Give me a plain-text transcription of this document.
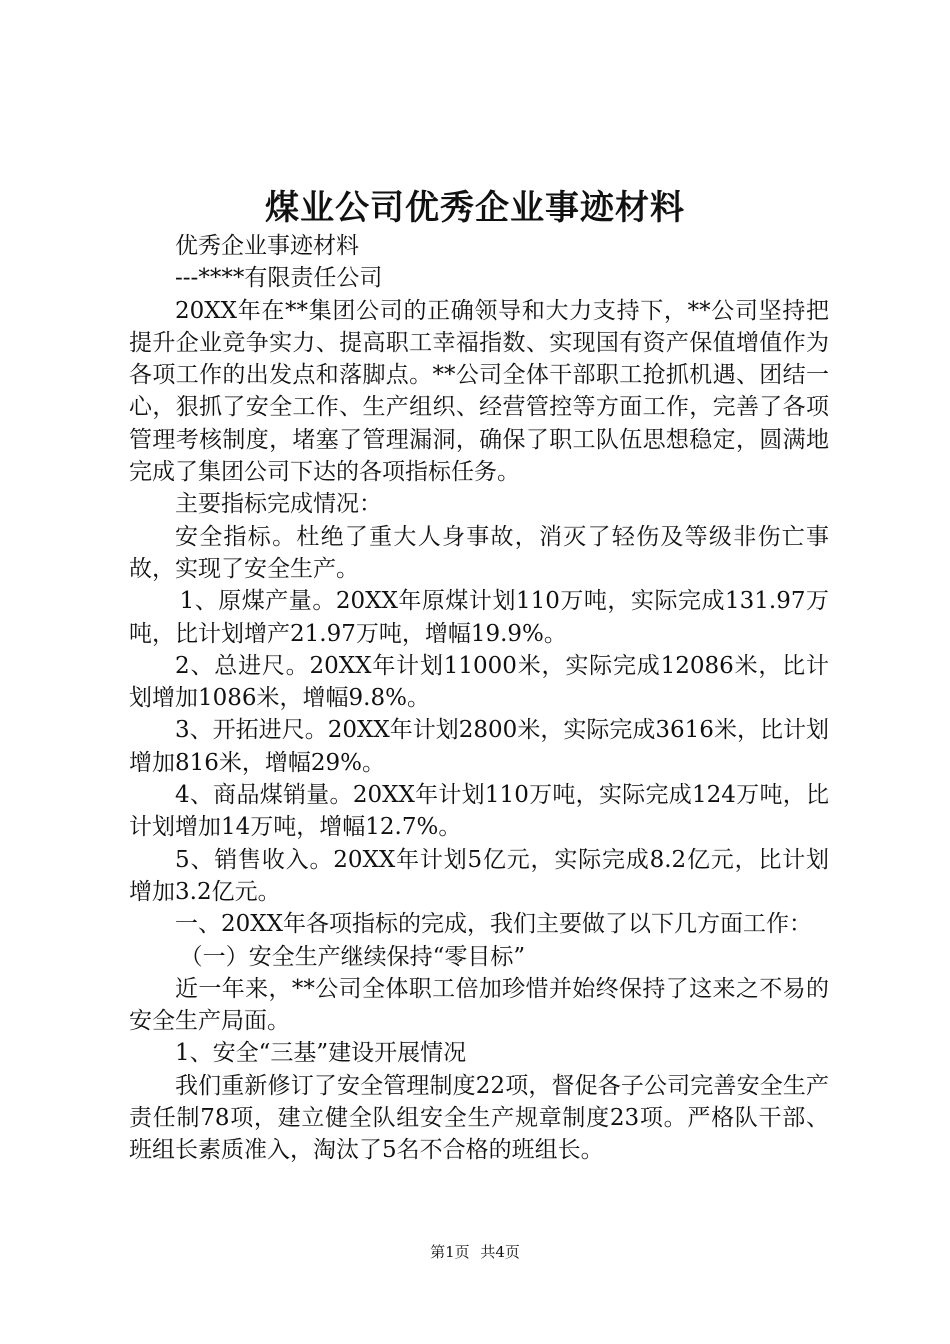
煤业公司优秀企业事迹材料

优秀企业事迹材料

---****有限责任公司

20XX年在**集团公司的正确领导和大力支持下，**公司坚持把提升企业竞争实力、提高职工幸福指数、实现国有资产保值增值作为各项工作的出发点和落脚点。**公司全体干部职工抢抓机遇、团结一心，狠抓了安全工作、生产组织、经营管控等方面工作，完善了各项管理考核制度，堵塞了管理漏洞，确保了职工队伍思想稳定，圆满地完成了集团公司下达的各项指标任务。

主要指标完成情况：

安全指标。杜绝了重大人身事故，消灭了轻伤及等级非伤亡事故，实现了安全生产。

1、原煤产量。20XX年原煤计划110万吨，实际完成131.97万吨，比计划增产21.97万吨，增幅19.9%。

2、总进尺。20XX年计划11000米，实际完成12086米，比计划增加1086米，增幅9.8%。

3、开拓进尺。20XX年计划2800米，实际完成3616米，比计划增加816米，增幅29%。

4、商品煤销量。20XX年计划110万吨，实际完成124万吨，比计划增加14万吨，增幅12.7%。

5、销售收入。20XX年计划5亿元，实际完成8.2亿元，比计划增加3.2亿元。

一、20XX年各项指标的完成，我们主要做了以下几方面工作：

（一）安全生产继续保持“零目标”

近一年来，**公司全体职工倍加珍惜并始终保持了这来之不易的安全生产局面。

1、安全“三基”建设开展情况

我们重新修订了安全管理制度22项，督促各子公司完善安全生产责任制78项，建立健全队组安全生产规章制度23项。严格队干部、班组长素质准入，淘汰了5名不合格的班组长。

第1页 共4页
